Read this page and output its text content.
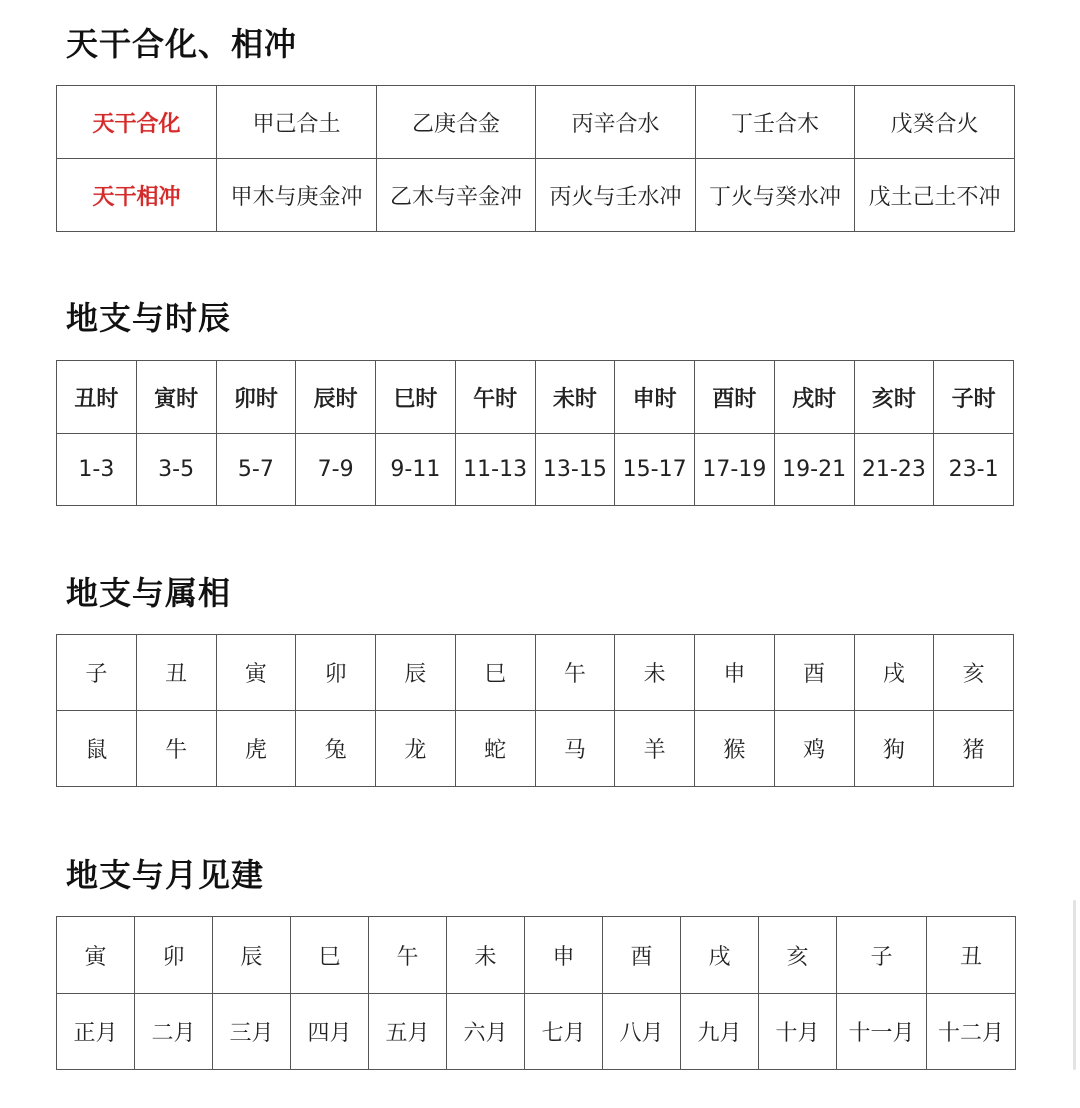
天干合化、相冲
天干合化	甲己合土	乙庚合金	丙辛合水	丁壬合木	戊癸合火
天干相冲	甲木与庚金冲	乙木与辛金冲	丙火与壬水冲	丁火与癸水冲	戊土己土不冲
地支与时辰
丑时	寅时	卯时	辰时	巳时	午时	未时	申时	酉时	戌时	亥时	子时
1-3	3-5	5-7	7-9	9-11	11-13	13-15	15-17	17-19	19-21	21-23	23-1
地支与属相
子	丑	寅	卯	辰	巳	午	未	申	酉	戌	亥
鼠	牛	虎	兔	龙	蛇	马	羊	猴	鸡	狗	猪
地支与月见建
寅	卯	辰	巳	午	未	申	酉	戌	亥	子	丑
正月	二月	三月	四月	五月	六月	七月	八月	九月	十月	十一月	十二月
